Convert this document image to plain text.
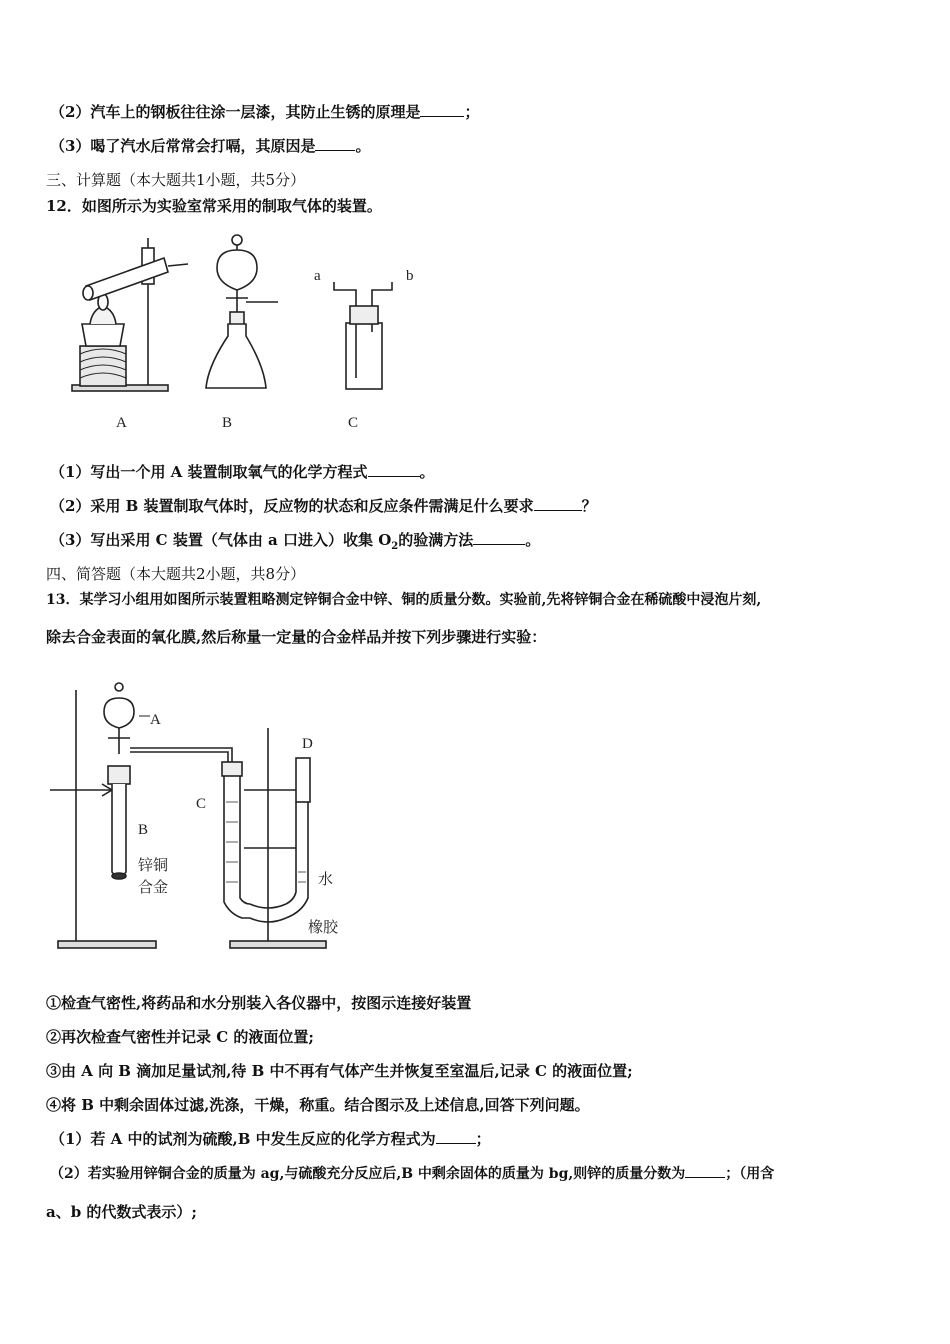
（2）汽车上的钢板往往涂一层漆，其防止生锈的原理是	；

（3）喝了汽水后常常会打嗝，其原因是	。

三、计算题（本大题共1小题，共5分）

12．如图所示为实验室常采用的制取气体的装置。

A	B	C
a	b

（1）写出一个用 A 装置制取氧气的化学方程式	。

（2）采用 B 装置制取气体时，反应物的状态和反应条件需满足什么要求	？

（3）写出采用 C 装置（气体由 a 口进入）收集 $O_2$的验满方法	。

四、简答题（本大题共2小题，共8分）

13．某学习小组用如图所示装置粗略测定锌铜合金中锌、铜的质量分数。实验前,先将锌铜合金在稀硫酸中浸泡片刻,

除去合金表面的氧化膜,然后称量一定量的合金样品并按下列步骤进行实验：

A
B
C
D
锌铜
合金	水
橡胶

①检查气密性,将药品和水分别装入各仪器中，按图示连接好装置

②再次检查气密性并记录 C 的液面位置;

③由 A 向 B 滴加足量试剂,待 B 中不再有气体产生并恢复至室温后,记录 C 的液面位置;

④将 B 中剩余固体过滤,洗涤，干燥，称重。结合图示及上述信息,回答下列问题。

（1）若 A 中的试剂为硫酸,B 中发生反应的化学方程式为	；

（2）若实验用锌铜合金的质量为 ag,与硫酸充分反应后,B 中剩余固体的质量为 bg,则锌的质量分数为	；（用含

a、b 的代数式表示）;
